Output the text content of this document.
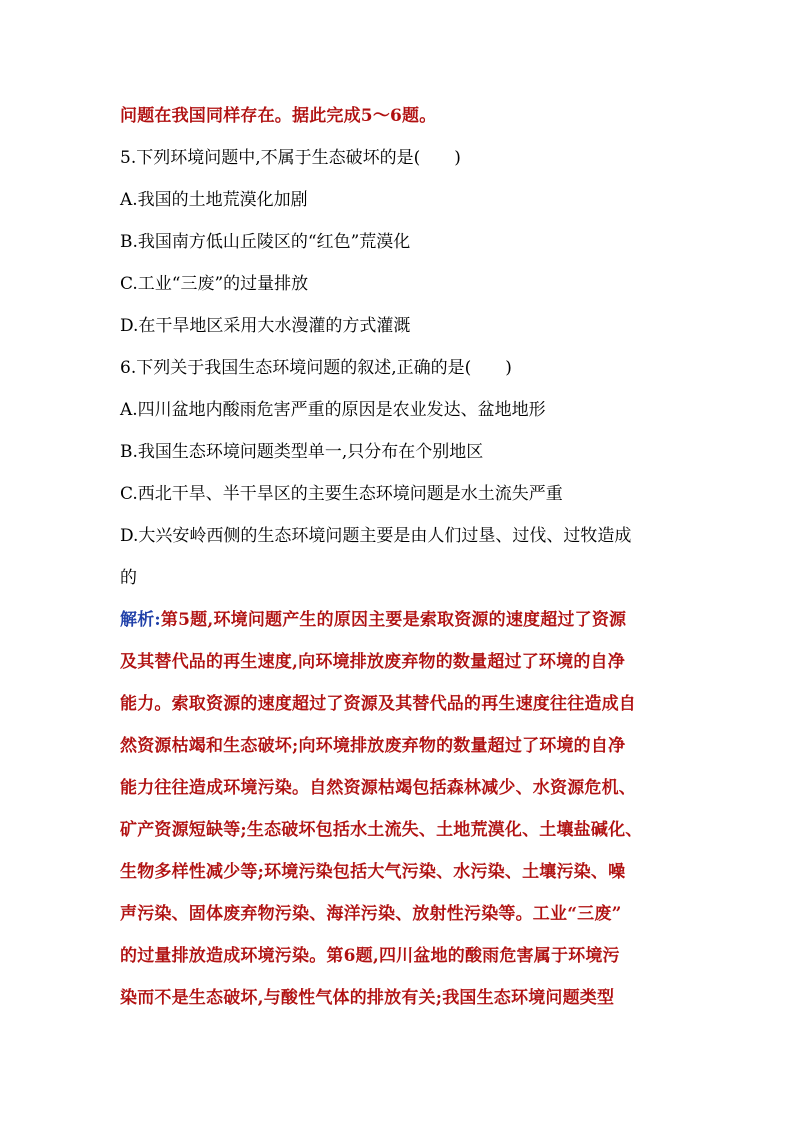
问题在我国同样存在。据此完成5～6题。
5.下列环境问题中,不属于生态破坏的是(　　)
A.我国的土地荒漠化加剧
B.我国南方低山丘陵区的“红色”荒漠化
C.工业“三废”的过量排放
D.在干旱地区采用大水漫灌的方式灌溉
6.下列关于我国生态环境问题的叙述,正确的是(　　)
A.四川盆地内酸雨危害严重的原因是农业发达、盆地地形
B.我国生态环境问题类型单一,只分布在个别地区
C.西北干旱、半干旱区的主要生态环境问题是水土流失严重
D.大兴安岭西侧的生态环境问题主要是由人们过垦、过伐、过牧造成
的
解析:第5题,环境问题产生的原因主要是索取资源的速度超过了资源
及其替代品的再生速度,向环境排放废弃物的数量超过了环境的自净
能力。索取资源的速度超过了资源及其替代品的再生速度往往造成自
然资源枯竭和生态破坏;向环境排放废弃物的数量超过了环境的自净
能力往往造成环境污染。自然资源枯竭包括森林减少、水资源危机、
矿产资源短缺等;生态破坏包括水土流失、土地荒漠化、土壤盐碱化、
生物多样性减少等;环境污染包括大气污染、水污染、土壤污染、噪
声污染、固体废弃物污染、海洋污染、放射性污染等。工业“三废”
的过量排放造成环境污染。第6题,四川盆地的酸雨危害属于环境污
染而不是生态破坏,与酸性气体的排放有关;我国生态环境问题类型
